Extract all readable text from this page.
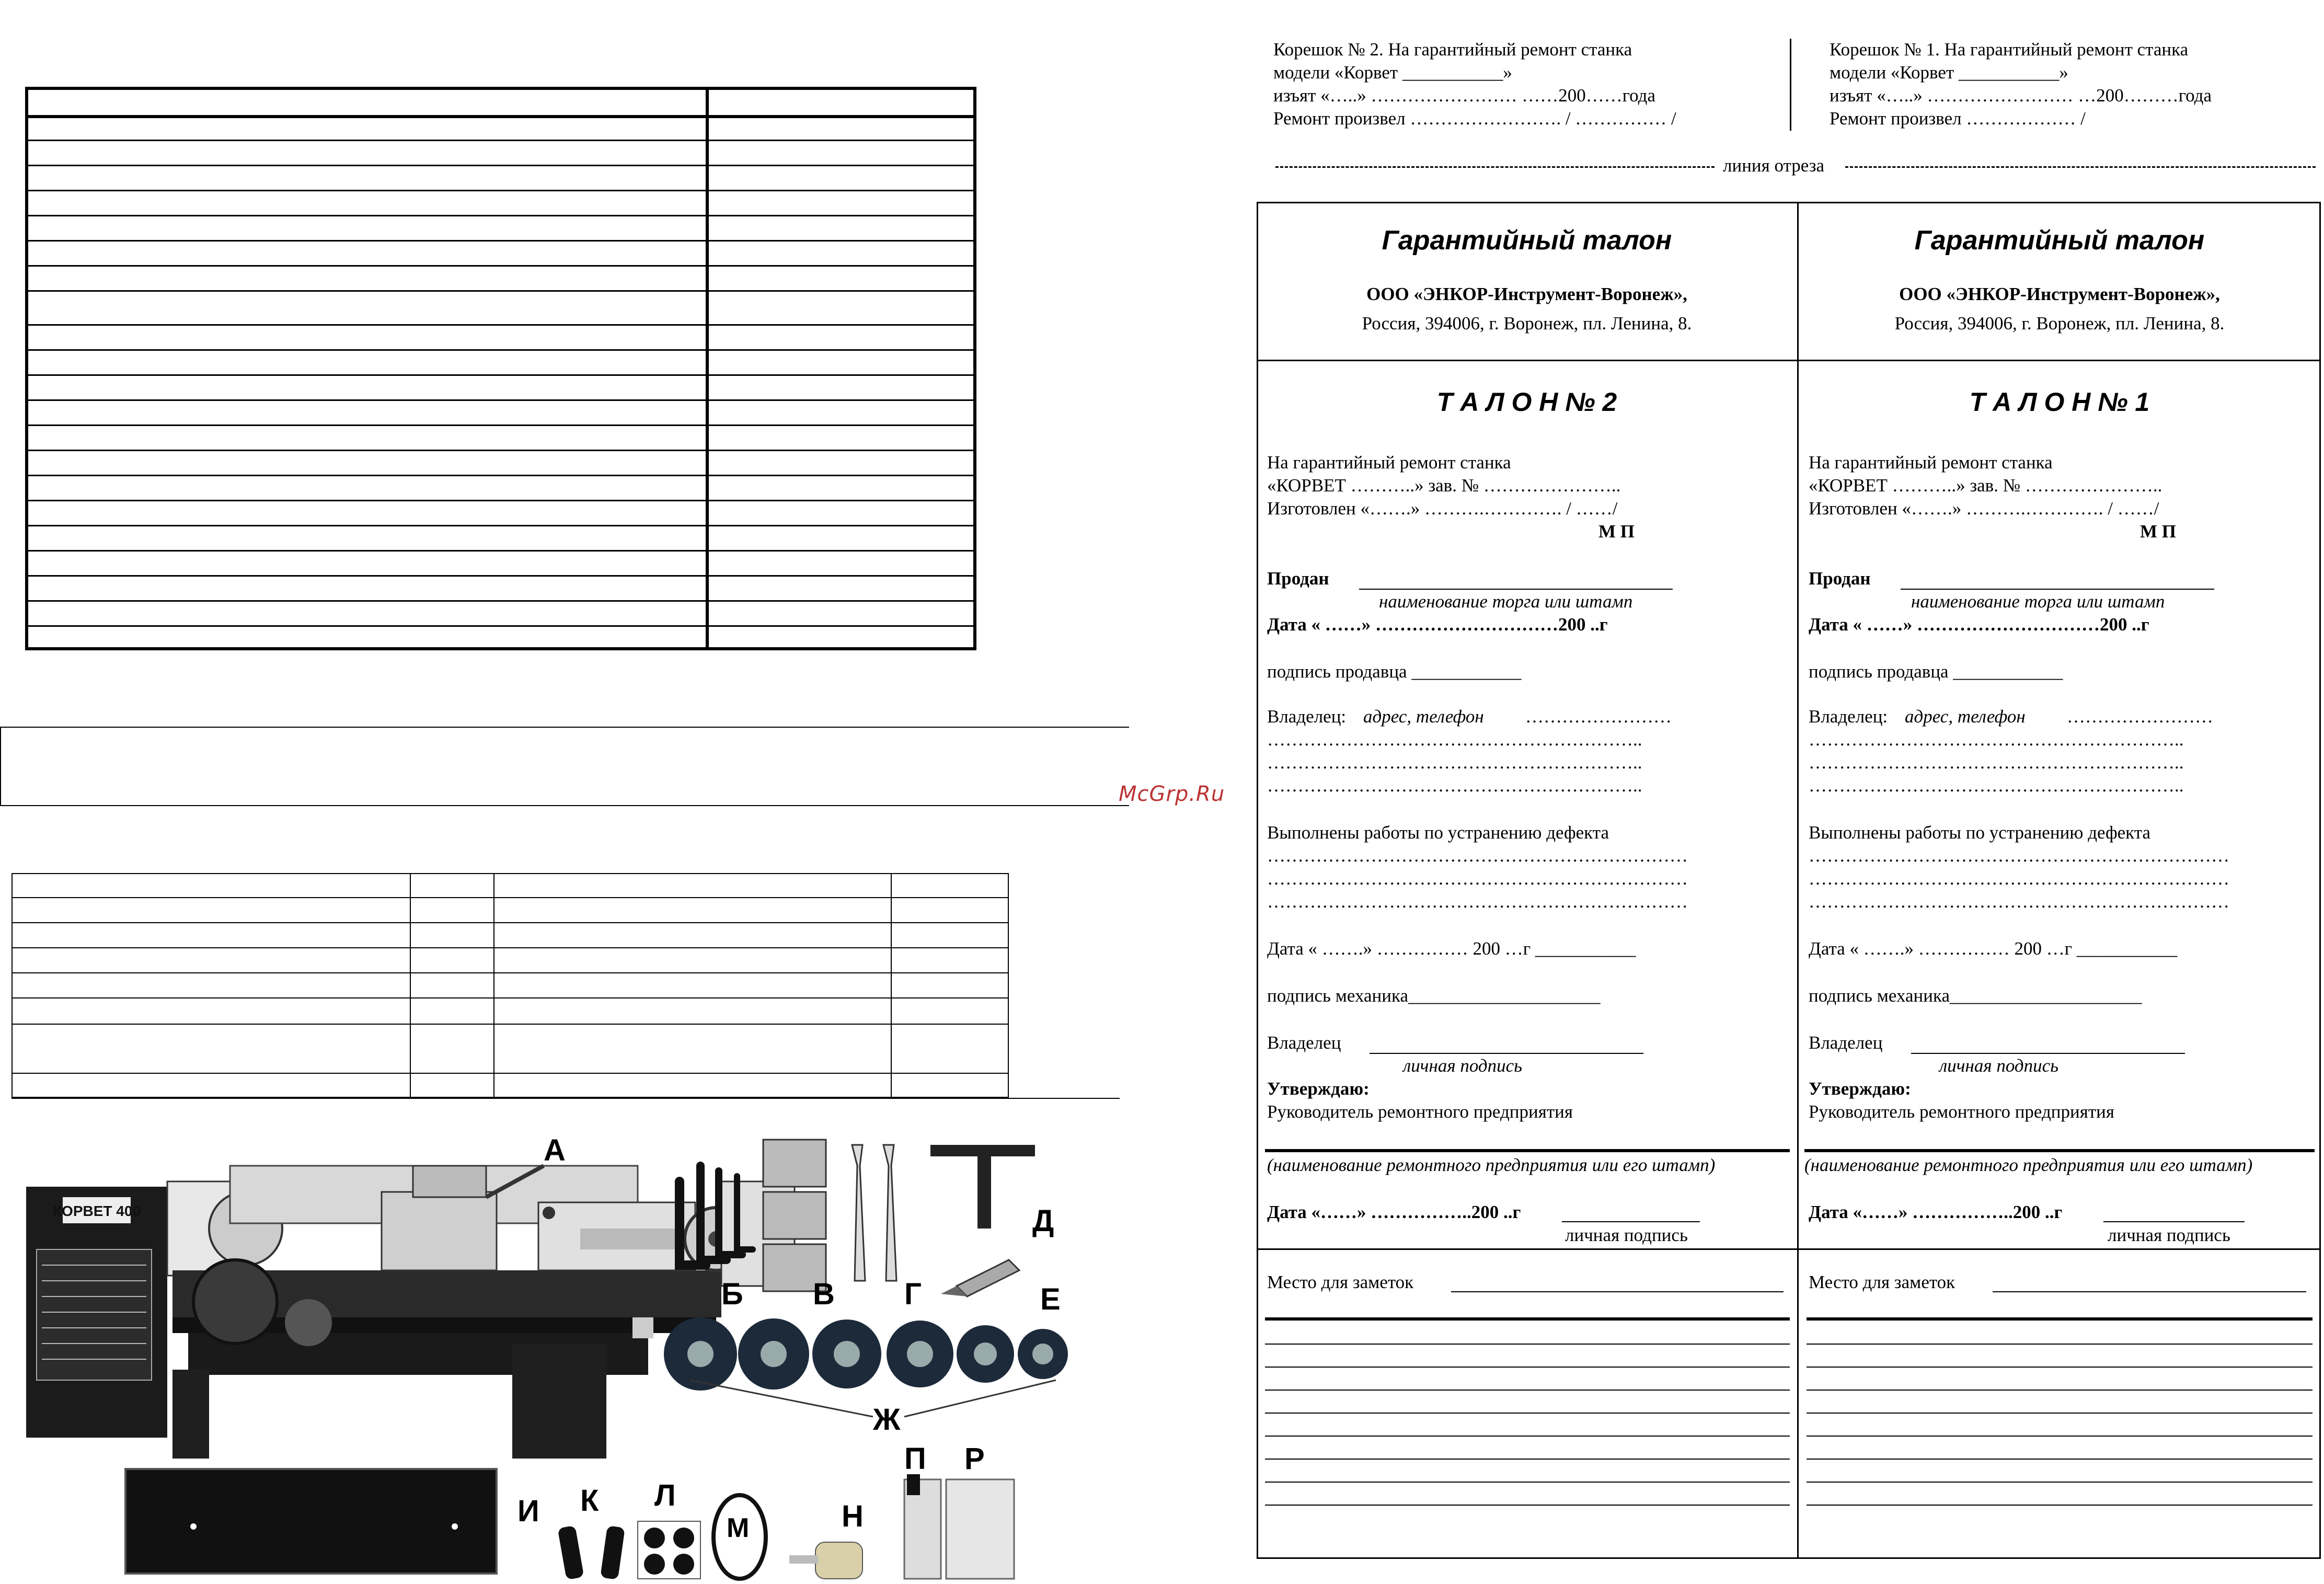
McGrp.Ru
КОРВЕТ 400
А
Б В Г
Д
Е
Ж
И К Л
М	Н
П Р
Корешок № 2. На гарантийный ремонт станка
модели «Корвет ___________»
изъят «…..» …………………… ……200……года
Ремонт произвел ……………………. / …………… /
Корешок № 1. На гарантийный ремонт станка
модели «Корвет ___________»
изъят «…..» …………………… …200………года
Ремонт произвел ……………… /
линия отреза
Гарантийный талон
ООО «ЭНКОР-Инструмент-Воронеж»,
Россия, 394006, г. Воронеж, пл. Ленина, 8.
Т А Л О Н № 2
На гарантийный ремонт станка
«КОРВЕТ ………..» зав. № …………………..
Изготовлен «…….» ……….…………. / ……/
М П
Продан
наименование торга или штамп
Дата « ……» …………………………200 ..г
подпись продавца ____________
Владелец: адрес, телефон ……………………
……………………………………………………..
……………………………………………………..
……………………………………………………..
Выполнены работы по устранению дефекта
……………………………………………………………
……………………………………………………………
……………………………………………………………
Дата « …….» …………… 200 …г ___________
подпись механика_____________________
Владелец
личная подпись
Утверждаю:
Руководитель ремонтного предприятия
(наименование ремонтного предприятия или его штамп)
Дата «……» ……………..200 ..г
личная подпись
Место для заметок
Гарантийный талон
ООО «ЭНКОР-Инструмент-Воронеж»,
Россия, 394006, г. Воронеж, пл. Ленина, 8.
Т А Л О Н № 1
На гарантийный ремонт станка
«КОРВЕТ ………..» зав. № …………………..
Изготовлен «…….» ……….…………. / ……/
М П
Продан
наименование торга или штамп
Дата « ……» …………………………200 ..г
подпись продавца ____________
Владелец: адрес, телефон ……………………
……………………………………………………..
……………………………………………………..
……………………………………………………..
Выполнены работы по устранению дефекта
……………………………………………………………
……………………………………………………………
……………………………………………………………
Дата « …….» …………… 200 …г ___________
подпись механика_____________________
Владелец
личная подпись
Утверждаю:
Руководитель ремонтного предприятия
(наименование ремонтного предприятия или его штамп)
Дата «……» ……………..200 ..г
личная подпись
Место для заметок
